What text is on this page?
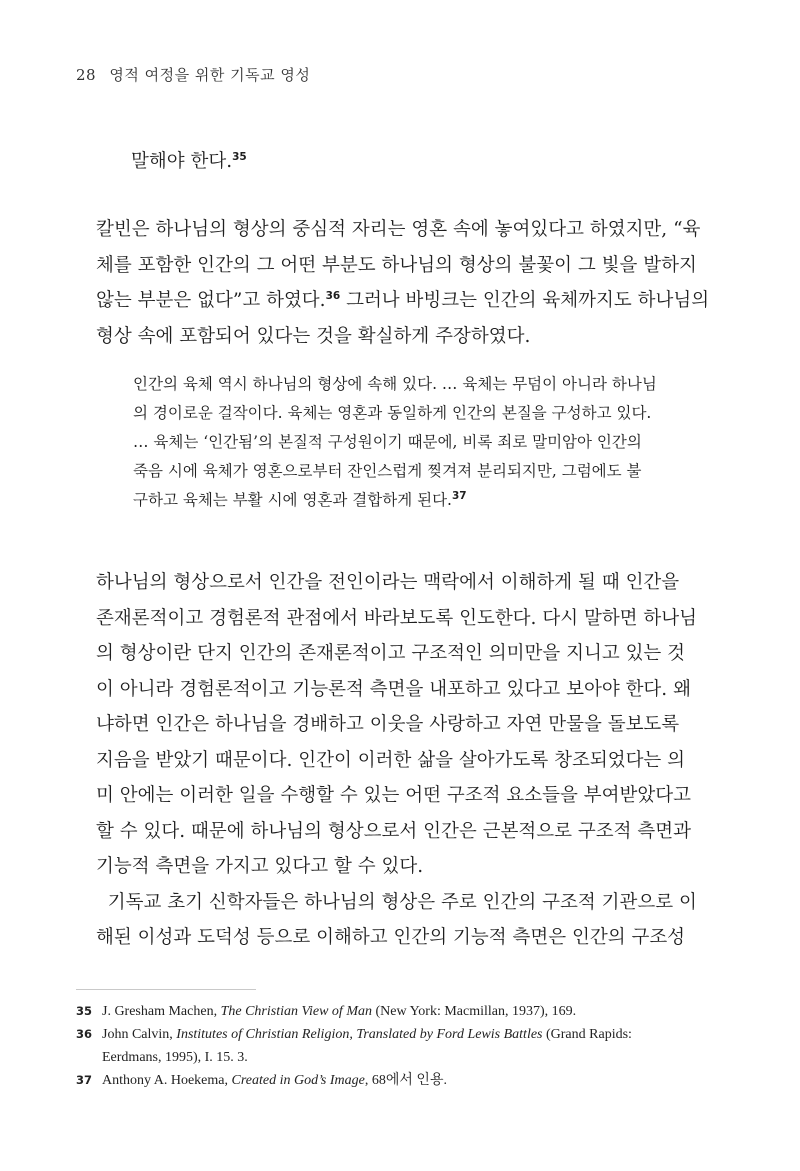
28 영적 여정을 위한 기독교 영성
말해야 한다.$^{35}$
칼빈은 하나님의 형상의 중심적 자리는 영혼 속에 놓여있다고 하였지만, “육
체를 포함한 인간의 그 어떤 부분도 하나님의 형상의 불꽃이 그 빛을 발하지
않는 부분은 없다”고 하였다.$^{36}$ 그러나 바빙크는 인간의 육체까지도 하나님의
형상 속에 포함되어 있다는 것을 확실하게 주장하였다.
인간의 육체 역시 하나님의 형상에 속해 있다. … 육체는 무덤이 아니라 하나님
의 경이로운 걸작이다. 육체는 영혼과 동일하게 인간의 본질을 구성하고 있다.
… 육체는 ‘인간됨’의 본질적 구성원이기 때문에, 비록 죄로 말미암아 인간의
죽음 시에 육체가 영혼으로부터 잔인스럽게 찢겨져 분리되지만, 그럼에도 불
구하고 육체는 부활 시에 영혼과 결합하게 된다.$^{37}$
하나님의 형상으로서 인간을 전인이라는 맥락에서 이해하게 될 때 인간을
존재론적이고 경험론적 관점에서 바라보도록 인도한다. 다시 말하면 하나님
의 형상이란 단지 인간의 존재론적이고 구조적인 의미만을 지니고 있는 것
이 아니라 경험론적이고 기능론적 측면을 내포하고 있다고 보아야 한다. 왜
냐하면 인간은 하나님을 경배하고 이웃을 사랑하고 자연 만물을 돌보도록
지음을 받았기 때문이다. 인간이 이러한 삶을 살아가도록 창조되었다는 의
미 안에는 이러한 일을 수행할 수 있는 어떤 구조적 요소들을 부여받았다고
할 수 있다. 때문에 하나님의 형상으로서 인간은 근본적으로 구조적 측면과
기능적 측면을 가지고 있다고 할 수 있다.
기독교 초기 신학자들은 하나님의 형상은 주로 인간의 구조적 기관으로 이
해된 이성과 도덕성 등으로 이해하고 인간의 기능적 측면은 인간의 구조성
35 J. Gresham Machen, The Christian View of Man (New York: Macmillan, 1937), 169.
36 John Calvin, Institutes of Christian Religion, Translated by Ford Lewis Battles (Grand Rapids:
Eerdmans, 1995), I. 15. 3.
37 Anthony A. Hoekema, Created in God’s Image, 68에서 인용.
